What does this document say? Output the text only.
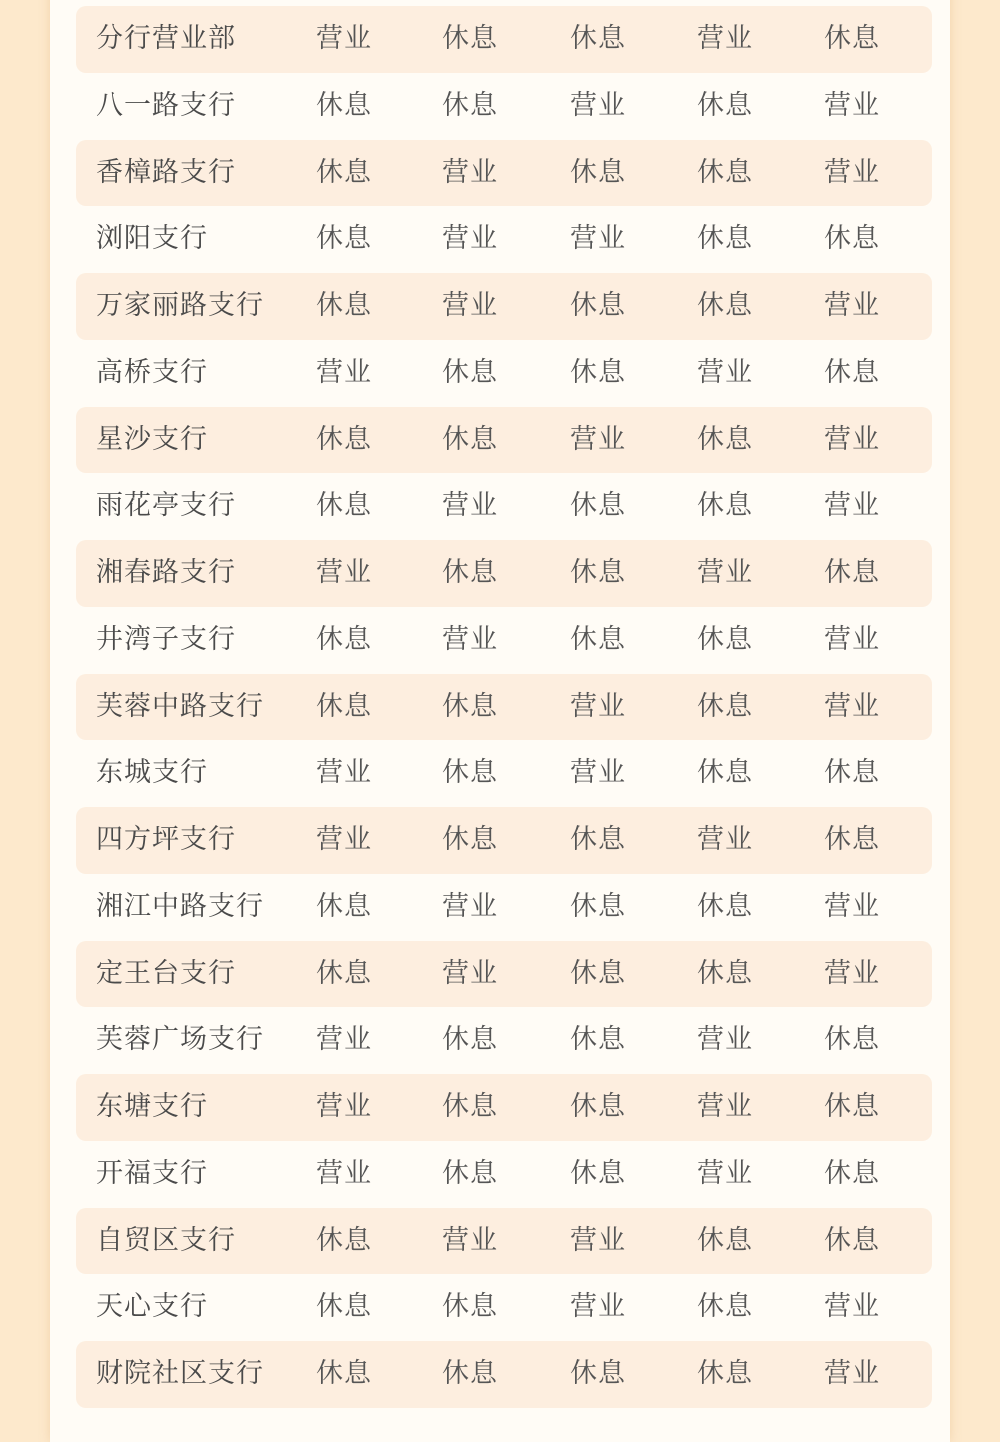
分行营业部	营业	休息	休息	营业	休息
八一路支行	休息	休息	营业	休息	营业
香樟路支行	休息	营业	休息	休息	营业
浏阳支行	休息	营业	营业	休息	休息
万家丽路支行 休息	营业	休息	休息	营业
高桥支行	营业	休息	休息	营业	休息
星沙支行	休息	休息	营业	休息	营业
雨花亭支行	休息	营业	休息	休息	营业
湘春路支行	营业	休息	休息	营业	休息
井湾子支行	休息	营业	休息	休息	营业
芙蓉中路支行 休息	休息	营业	休息	营业
东城支行	营业	休息	营业	休息	休息
四方坪支行	营业	休息	休息	营业	休息
湘江中路支行 休息	营业	休息	休息	营业
定王台支行	休息	营业	休息	休息	营业
芙蓉广场支行 营业	休息	休息	营业	休息
东塘支行	营业	休息	休息	营业	休息
开福支行	营业	休息	休息	营业	休息
自贸区支行	休息	营业	营业	休息	休息
天心支行	休息	休息	营业	休息	营业
财院社区支行 休息	休息	休息	休息	营业
